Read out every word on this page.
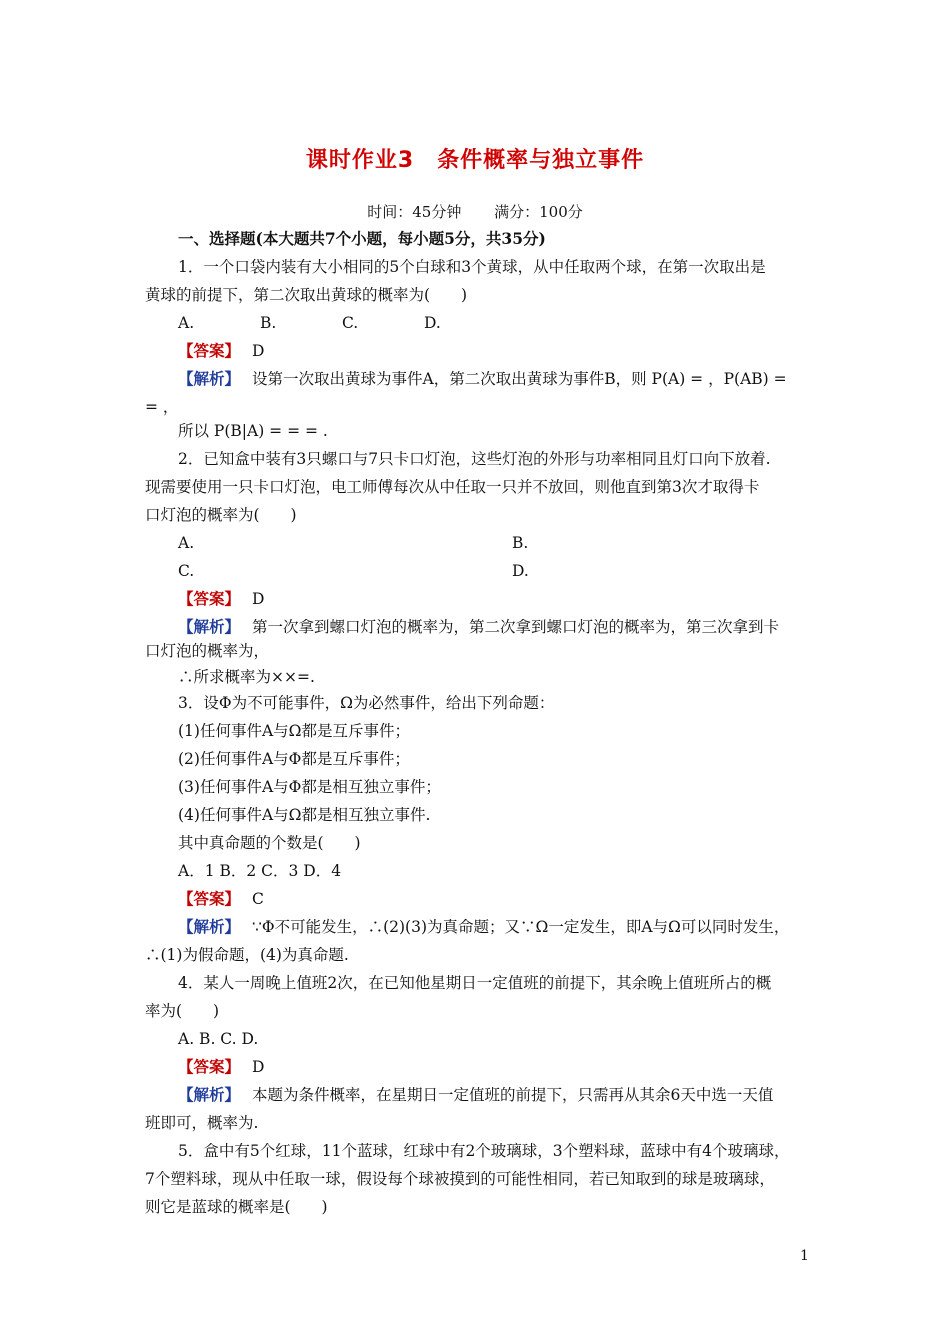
课时作业3　条件概率与独立事件
时间：45分钟 满分：100分
一、选择题(本大题共7个小题，每小题5分，共35分)
1．一个口袋内装有大小相同的5个白球和3个黄球，从中任取两个球，在第一次取出是
黄球的前提下，第二次取出黄球的概率为(　　)
A.	B.	C.	D.
【答案】 D
【解析】 设第一次取出黄球为事件A，第二次取出黄球为事件B，则 P(A) = ，P(AB) =
= ，
所以 P(B|A) = = = .
2．已知盒中装有3只螺口与7只卡口灯泡，这些灯泡的外形与功率相同且灯口向下放着.
现需要使用一只卡口灯泡，电工师傅每次从中任取一只并不放回，则他直到第3次才取得卡
口灯泡的概率为(　　)
A.	B.
C.	D.
【答案】 D
【解析】 第一次拿到螺口灯泡的概率为，第二次拿到螺口灯泡的概率为，第三次拿到卡
口灯泡的概率为，
∴所求概率为××=.
3．设Φ为不可能事件，Ω为必然事件，给出下列命题：
(1)任何事件A与Ω都是互斥事件；
(2)任何事件A与Φ都是互斥事件；
(3)任何事件A与Φ都是相互独立事件；
(4)任何事件A与Ω都是相互独立事件.
其中真命题的个数是(　　)
A．1 B．2 C．3 D．4
【答案】 C
【解析】 ∵Φ不可能发生，∴(2)(3)为真命题；又∵Ω一定发生，即A与Ω可以同时发生，
∴(1)为假命题，(4)为真命题.
4．某人一周晚上值班2次，在已知他星期日一定值班的前提下，其余晚上值班所占的概
率为(　　)
A. B. C. D.
【答案】 D
【解析】 本题为条件概率，在星期日一定值班的前提下，只需再从其余6天中选一天值
班即可，概率为.
5．盒中有5个红球，11个蓝球，红球中有2个玻璃球，3个塑料球，蓝球中有4个玻璃球，
7个塑料球，现从中任取一球，假设每个球被摸到的可能性相同，若已知取到的球是玻璃球，
则它是蓝球的概率是(　　)
1
